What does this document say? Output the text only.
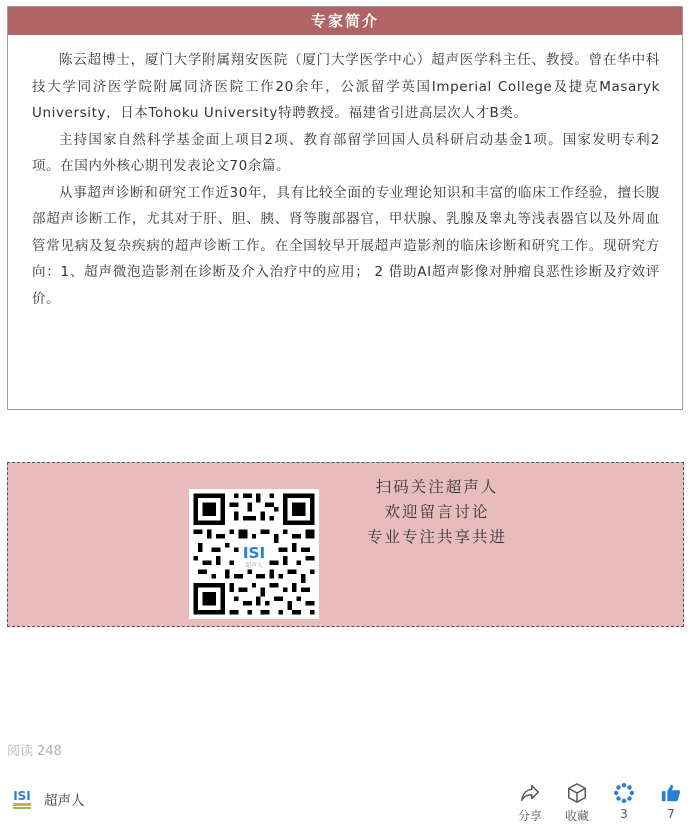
专家简介

陈云超博士，厦门大学附属翔安医院（厦门大学医学中心）超声医学科主任、教授。曾在华中科技大学同济医学院附属同济医院工作20余年，公派留学英国Imperial College及捷克Masaryk University，日本Tohoku University特聘教授。福建省引进高层次人才B类。

主持国家自然科学基金面上项目2项、教育部留学回国人员科研启动基金1项。国家发明专利2项。在国内外核心期刊发表论文70余篇。

从事超声诊断和研究工作近30年，具有比较全面的专业理论知识和丰富的临床工作经验，擅长腹部超声诊断工作，尤其对于肝、胆、胰、肾等腹部器官，甲状腺、乳腺及睾丸等浅表器官以及外周血管常见病及复杂疾病的超声诊断工作。在全国较早开展超声造影剂的临床诊断和研究工作。现研究方向：1、超声微泡造影剂在诊断及介入治疗中的应用； 2 借助AI超声影像对肿瘤良恶性诊断及疗效评价。

ISI
超声人
扫码关注超声人
欢迎留言讨论
专业专注共享共进
阅读 248
ISI 超声人
分享	收藏	3	7
